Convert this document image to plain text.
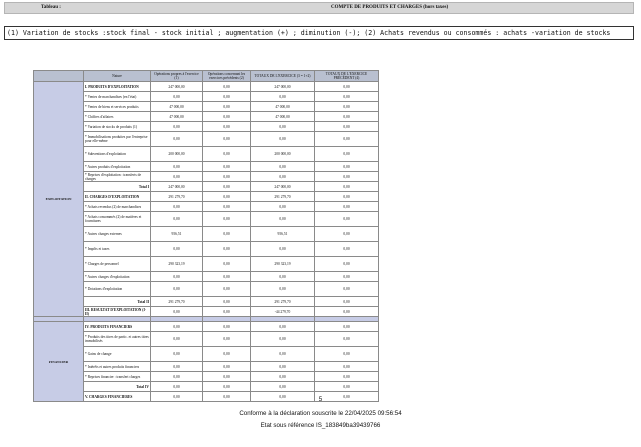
Tableau :	COMPTE DE PRODUITS ET CHARGES (hors taxes)
(1) Variation de stocks :stock final - stock initial ; augmentation (+) ; diminution (-); (2) Achats revendus ou consommés : achats -variation de stocks
	Nature	Opérations propres à l'exercice (1)	Opérations concernant les exercices précédents (2)	TOTAUX DE L'EXERCICE (3 = 1+2)	TOTAUX DE L'EXERCICE PRÉCÉDENT (4)
EXPLOITATION	I. PRODUITS D'EXPLOITATION	247 000,00	0,00	247 000,00	0,00
	* Ventes de marchandises (en l'état)	0,00	0,00	0,00	0,00
	* Ventes de biens et services produits	47 000,00	0,00	47 000,00	0,00
	* Chiffres d'affaires	47 000,00	0,00	47 000,00	0,00
	* Variation de stocks de produits (1)	0,00	0,00	0,00	0,00
	* Immobilisations produites par l'entreprise pour elle-même	0,00	0,00	0,00	0,00
	* Subventions d'exploitation	200 000,00	0,00	200 000,00	0,00
	* Autres produits d'exploitation	0,00	0,00	0,00	0,00
	* Reprises d'exploitation : transferts de charges	0,00	0,00	0,00	0,00
	Total I	247 000,00	0,00	247 000,00	0,00
	II. CHARGES D'EXPLOITATION	291 279,70	0,00	291 279,70	0,00
	* Achats revendus (2) de marchandises	0,00	0,00	0,00	0,00
	* Achats consommés (2) de matières et fournitures	0,00	0,00	0,00	0,00
	* Autres charges externes	956,51	0,00	956,51	0,00
	* Impôts et taxes	0,00	0,00	0,00	0,00
	* Charges de personnel	290 323,19	0,00	290 323,19	0,00
	* Autres charges d'exploitation	0,00	0,00	0,00	0,00
	* Dotations d'exploitation	0,00	0,00	0,00	0,00
	Total II	291 279,70	0,00	291 279,70	0,00
	III. RESULTAT D'EXPLOITATION (I-II)	0,00	0,00	-44 279,70	0,00

FINANCIER	IV. PRODUITS FINANCIERS	0,00	0,00	0,00	0,00
	* Produits des titres de partic. et autres titres immobilisés	0,00	0,00	0,00	0,00
	* Gains de change	0,00	0,00	0,00	0,00
	* Intérêts et autres produits financiers	0,00	0,00	0,00	0,00
	* Reprises financier : transfert charges	0,00	0,00	0,00	0,00
	Total IV	0,00	0,00	0,00	0,00
	V. CHARGES FINANCIERES	0,00	0,00	0,00	0,00
5
Conforme à la déclaration souscrite le 22/04/2025 09:56:54
Etat sous référence IS_183849ba39439766
